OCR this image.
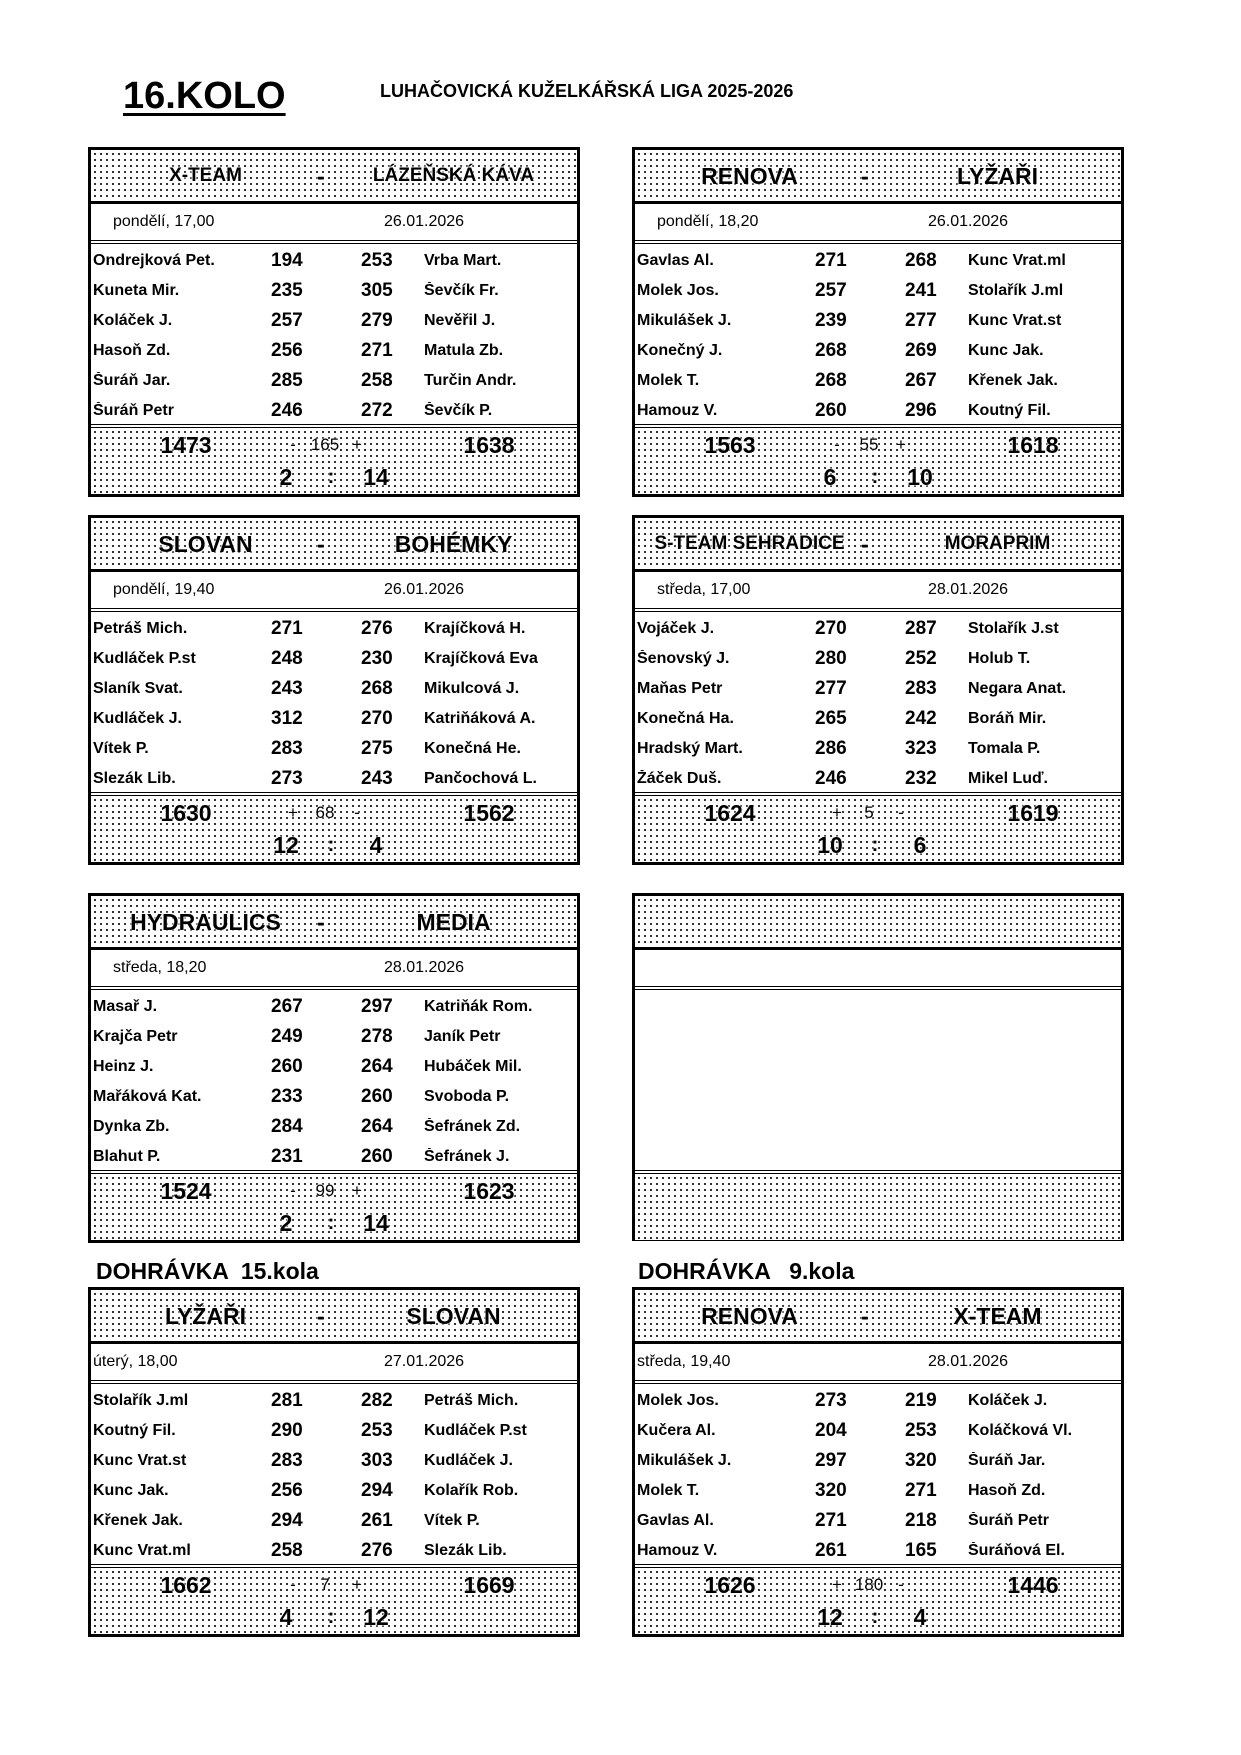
16.KOLO	LUHAČOVICKÁ KUŽELKÁŘSKÁ LIGA 2025-2026
DOHRÁVKA  15.kola	DOHRÁVKA   9.kola
X-TEAM	-	LÁZEŇSKÁ KÁVA
pondělí, 17,00	26.01.2026
Ondrejková Pet.	194	253	Vrba Mart.
Kuneta Mir.	235	305	Ševčík Fr.
Koláček J.	257	279	Nevěřil J.
Hasoň Zd.	256	271	Matula Zb.
Šuráň Jar.	285	258	Turčin Andr.
Šuráň Petr	246	272	Ševčík P.
1473	- 165 +	1638
2	:	14
RENOVA	-	LYŽAŘI
pondělí, 18,20	26.01.2026
Gavlas Al.	271	268	Kunc Vrat.ml
Molek Jos.	257	241	Stolařík J.ml
Mikulášek J.	239	277	Kunc Vrat.st
Konečný J.	268	269	Kunc Jak.
Molek T.	268	267	Křenek Jak.
Hamouz V.	260	296	Koutný Fil.
1563	-	55	+	1618
6	:	10
SLOVAN	-	BOHÉMKY
pondělí, 19,40	26.01.2026
Petráš Mich.	271	276	Krajíčková H.
Kudláček P.st	248	230	Krajíčková Eva
Slaník Svat.	243	268	Mikulcová J.
Kudláček J.	312	270	Katriňáková A.
Vítek P.	283	275	Konečná He.
Slezák Lib.	273	243	Pančochová L.
1630	+	68	-	1562
12	:	4
S-TEAM SEHRADICE -	MORAPRIM
středa, 17,00	28.01.2026
Vojáček J.	270	287	Stolařík J.st
Šenovský J.	280	252	Holub T.
Maňas Petr	277	283	Negara Anat.
Konečná Ha.	265	242	Boráň Mir.
Hradský Mart.	286	323	Tomala P.
Žáček Duš.	246	232	Mikel Luď.
1624	+	5	-	1619
10	:	6
HYDRAULICS	-	MEDIA
středa, 18,20	28.01.2026
Masař J.	267	297	Katriňák Rom.
Krajča Petr	249	278	Janík Petr
Heinz J.	260	264	Hubáček Mil.
Mařáková Kat.	233	260	Svoboda P.
Dynka Zb.	284	264	Šefránek Zd.
Blahut P.	231	260	Šefránek J.
1524	-	99	+	1623
2	:	14
LYŽAŘI	-	SLOVAN
úterý, 18,00	27.01.2026
Stolařík J.ml	281	282	Petráš Mich.
Koutný Fil.	290	253	Kudláček P.st
Kunc Vrat.st	283	303	Kudláček J.
Kunc Jak.	256	294	Kolařík Rob.
Křenek Jak.	294	261	Vítek P.
Kunc Vrat.ml	258	276	Slezák Lib.
1662	-	7	+	1669
4	:	12
RENOVA	-	X-TEAM
středa, 19,40	28.01.2026
Molek Jos.	273	219	Koláček J.
Kučera Al.	204	253	Koláčková Vl.
Mikulášek J.	297	320	Šuráň Jar.
Molek T.	320	271	Hasoň Zd.
Gavlas Al.	271	218	Šuráň Petr
Hamouz V.	261	165	Šuráňová El.
1626	+ 180 -	1446
12	:	4
